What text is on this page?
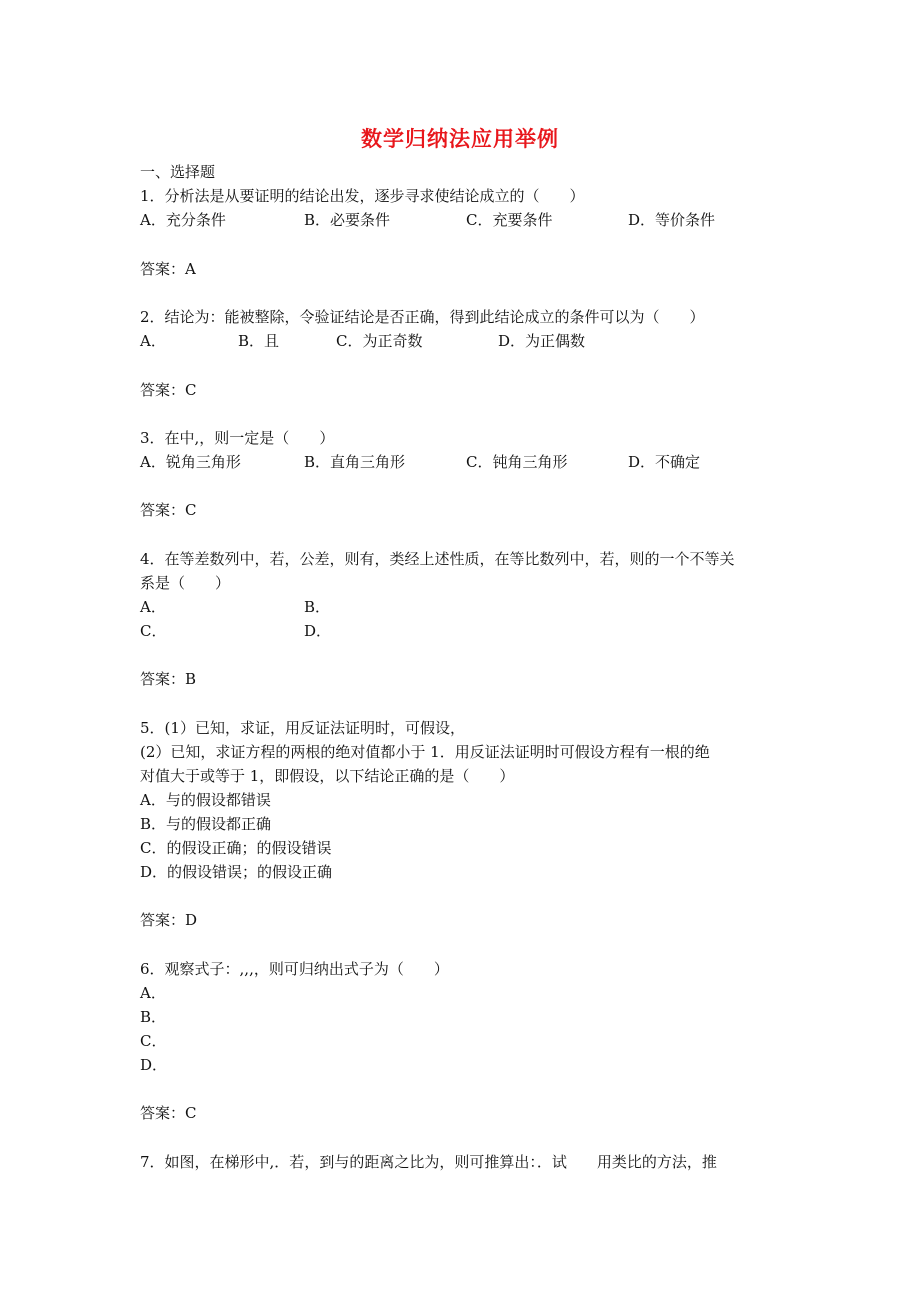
数学归纳法应用举例
一、选择题
1．分析法是从要证明的结论出发，逐步寻求使结论成立的（　　）
A．充分条件	B．必要条件	C．充要条件	D．等价条件
答案：A
2．结论为：能被整除，令验证结论是否正确，得到此结论成立的条件可以为（　　）
A．	B．且	C．为正奇数	D．为正偶数
答案：C
3．在中,，则一定是（　　）
A．锐角三角形	B．直角三角形	C．钝角三角形	D．不确定
答案：C
4．在等差数列中，若，公差，则有，类经上述性质，在等比数列中，若，则的一个不等关
系是（　　）
A．	B．
C．	D．
答案：B
5．(1）已知，求证，用反证法证明时，可假设，
(2）已知，求证方程的两根的绝对值都小于 1．用反证法证明时可假设方程有一根的绝
对值大于或等于 1，即假设，以下结论正确的是（　　）
A．与的假设都错误
B．与的假设都正确
C．的假设正确；的假设错误
D．的假设错误；的假设正确
答案：D
6．观察式子：,,,，则可归纳出式子为（　　）
A．
B．
C．
D．
答案：C
7．如图，在梯形中,．若，到与的距离之比为，则可推算出：．试　　用类比的方法，推
